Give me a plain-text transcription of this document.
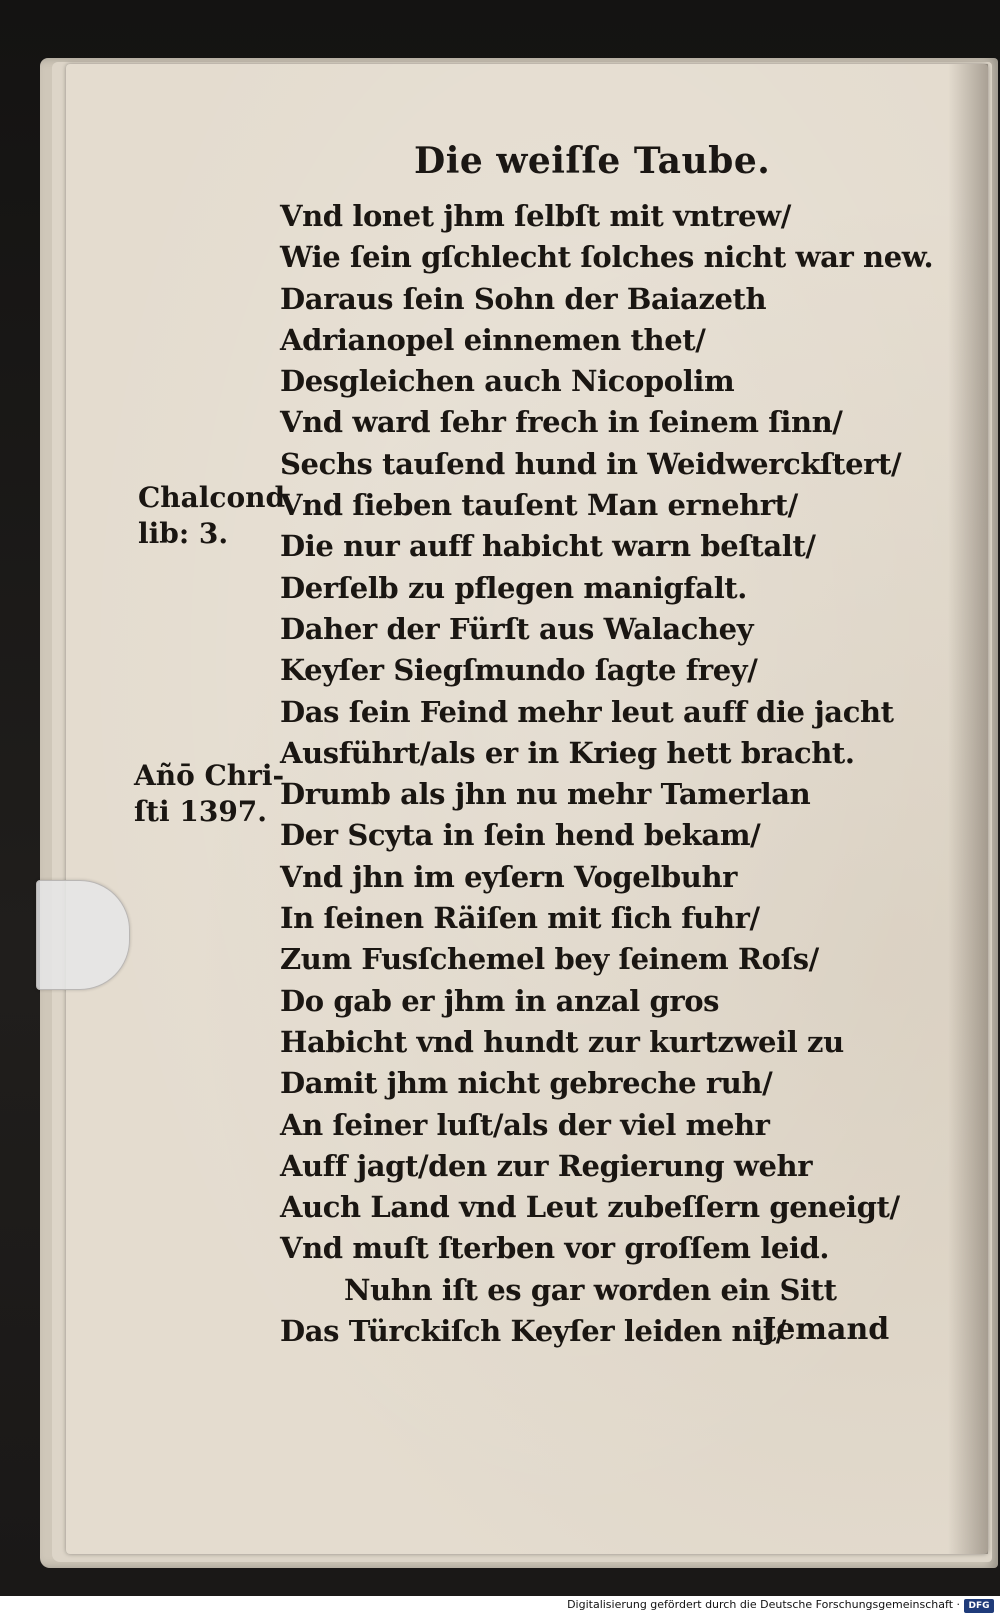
Die weiſſe Taube.
Vnd lonet jhm ſelbſt mit vntrew/
Wie ſein gſchlecht ſolches nicht war new.
Daraus ſein Sohn der Baiazeth
Adrianopel einnemen thet/
Desgleichen auch Nicopolim
Vnd ward ſehr frech in ſeinem ſinn/
Sechs tauſend hund in Weidwerckſtert/
Vnd ſieben tauſent Man ernehrt/
Die nur auff habicht warn beſtalt/
Derſelb zu pflegen manigfalt.
Daher der Fürſt aus Walachey
Keyſer Siegſmundo ſagte frey/
Das ſein Feind mehr leut auff die jacht
Ausführt/als er in Krieg hett bracht.
Drumb als jhn nu mehr Tamerlan
Der Scyta in ſein hend bekam/
Vnd jhn im eyſern Vogelbuhr
In ſeinen Räiſen mit ſich fuhr/
Zum Fusſchemel bey ſeinem Roſs/
Do gab er jhm in anzal gros
Habicht vnd hundt zur kurtzweil zu
Damit jhm nicht gebreche ruh/
An ſeiner luſt/als der viel mehr
Auff jagt/den zur Regierung wehr
Auch Land vnd Leut zubeſſern geneigt/
Vnd muſt ſterben vor groſſem leid.
Nuhn iſt es gar worden ein Sitt
Das Türckiſch Keyſer leiden nit/
Chalcond
lib: 3.
Añō Chri-
ſti 1397.
Jemand
Digitalisierung gefördert durch die Deutsche Forschungsgemeinschaft · DFG
